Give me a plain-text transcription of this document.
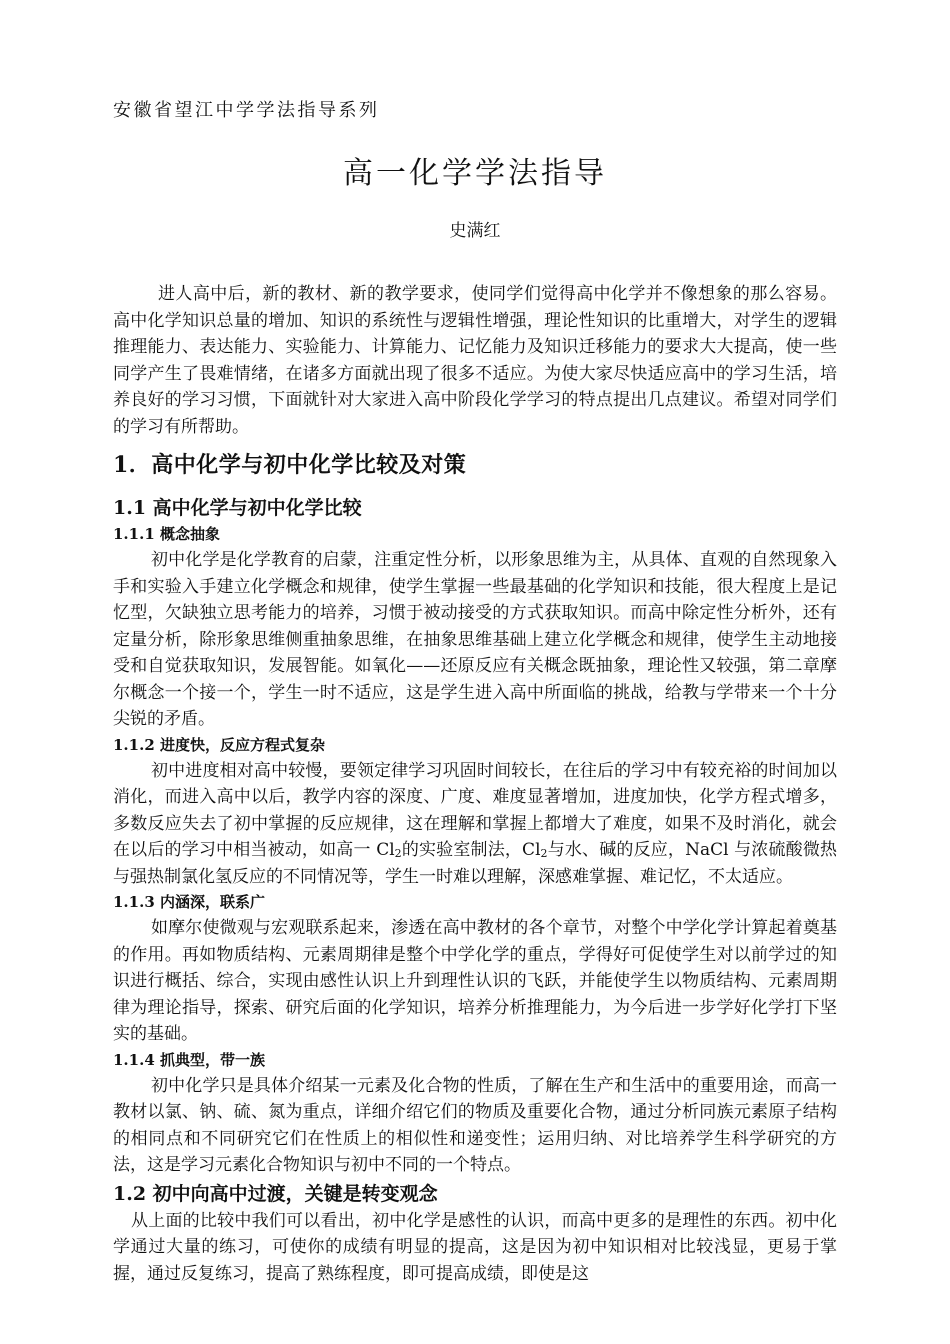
安徽省望江中学学法指导系列
高一化学学法指导
史满红

进人高中后，新的教材、新的教学要求，使同学们觉得高中化学并不像想象的那么容易。高中化学知识总量的增加、知识的系统性与逻辑性增强，理论性知识的比重增大，对学生的逻辑推理能力、表达能力、实验能力、计算能力、记忆能力及知识迁移能力的要求大大提高，使一些同学产生了畏难情绪，在诸多方面就出现了很多不适应。为使大家尽快适应高中的学习生活，培养良好的学习习惯，下面就针对大家进入高中阶段化学学习的特点提出几点建议。希望对同学们的学习有所帮助。

1．高中化学与初中化学比较及对策
1.1 高中化学与初中化学比较
1.1.1 概念抽象

初中化学是化学教育的启蒙，注重定性分析，以形象思维为主，从具体、直观的自然现象入手和实验入手建立化学概念和规律，使学生掌握一些最基础的化学知识和技能，很大程度上是记忆型，欠缺独立思考能力的培养，习惯于被动接受的方式获取知识。而高中除定性分析外，还有定量分析，除形象思维侧重抽象思维，在抽象思维基础上建立化学概念和规律，使学生主动地接受和自觉获取知识，发展智能。如氧化——还原反应有关概念既抽象，理论性又较强，第二章摩尔概念一个接一个，学生一时不适应，这是学生进入高中所面临的挑战，给教与学带来一个十分尖锐的矛盾。

1.1.2 进度快，反应方程式复杂

初中进度相对高中较慢，要领定律学习巩固时间较长，在往后的学习中有较充裕的时间加以消化，而进入高中以后，教学内容的深度、广度、难度显著增加，进度加快，化学方程式增多，多数反应失去了初中掌握的反应规律，这在理解和掌握上都增大了难度，如果不及时消化，就会在以后的学习中相当被动，如高一 $Cl_2$的实验室制法，$Cl_2$与水、碱的反应，NaCl 与浓硫酸微热与强热制氯化氢反应的不同情况等，学生一时难以理解，深感难掌握、难记忆，不太适应。

1.1.3 内涵深，联系广

如摩尔使微观与宏观联系起来，渗透在高中教材的各个章节，对整个中学化学计算起着奠基的作用。再如物质结构、元素周期律是整个中学化学的重点，学得好可促使学生对以前学过的知识进行概括、综合，实现由感性认识上升到理性认识的飞跃，并能使学生以物质结构、元素周期律为理论指导，探索、研究后面的化学知识，培养分析推理能力，为今后进一步学好化学打下坚实的基础。

1.1.4 抓典型，带一族

初中化学只是具体介绍某一元素及化合物的性质，了解在生产和生活中的重要用途，而高一教材以氯、钠、硫、氮为重点，详细介绍它们的物质及重要化合物，通过分析同族元素原子结构的相同点和不同研究它们在性质上的相似性和递变性；运用归纳、对比培养学生科学研究的方法，这是学习元素化合物知识与初中不同的一个特点。

1.2 初中向高中过渡，关键是转变观念

从上面的比较中我们可以看出，初中化学是感性的认识，而高中更多的是理性的东西。初中化学通过大量的练习，可使你的成绩有明显的提高，这是因为初中知识相对比较浅显，更易于掌握，通过反复练习，提高了熟练程度，即可提高成绩，即使是这
